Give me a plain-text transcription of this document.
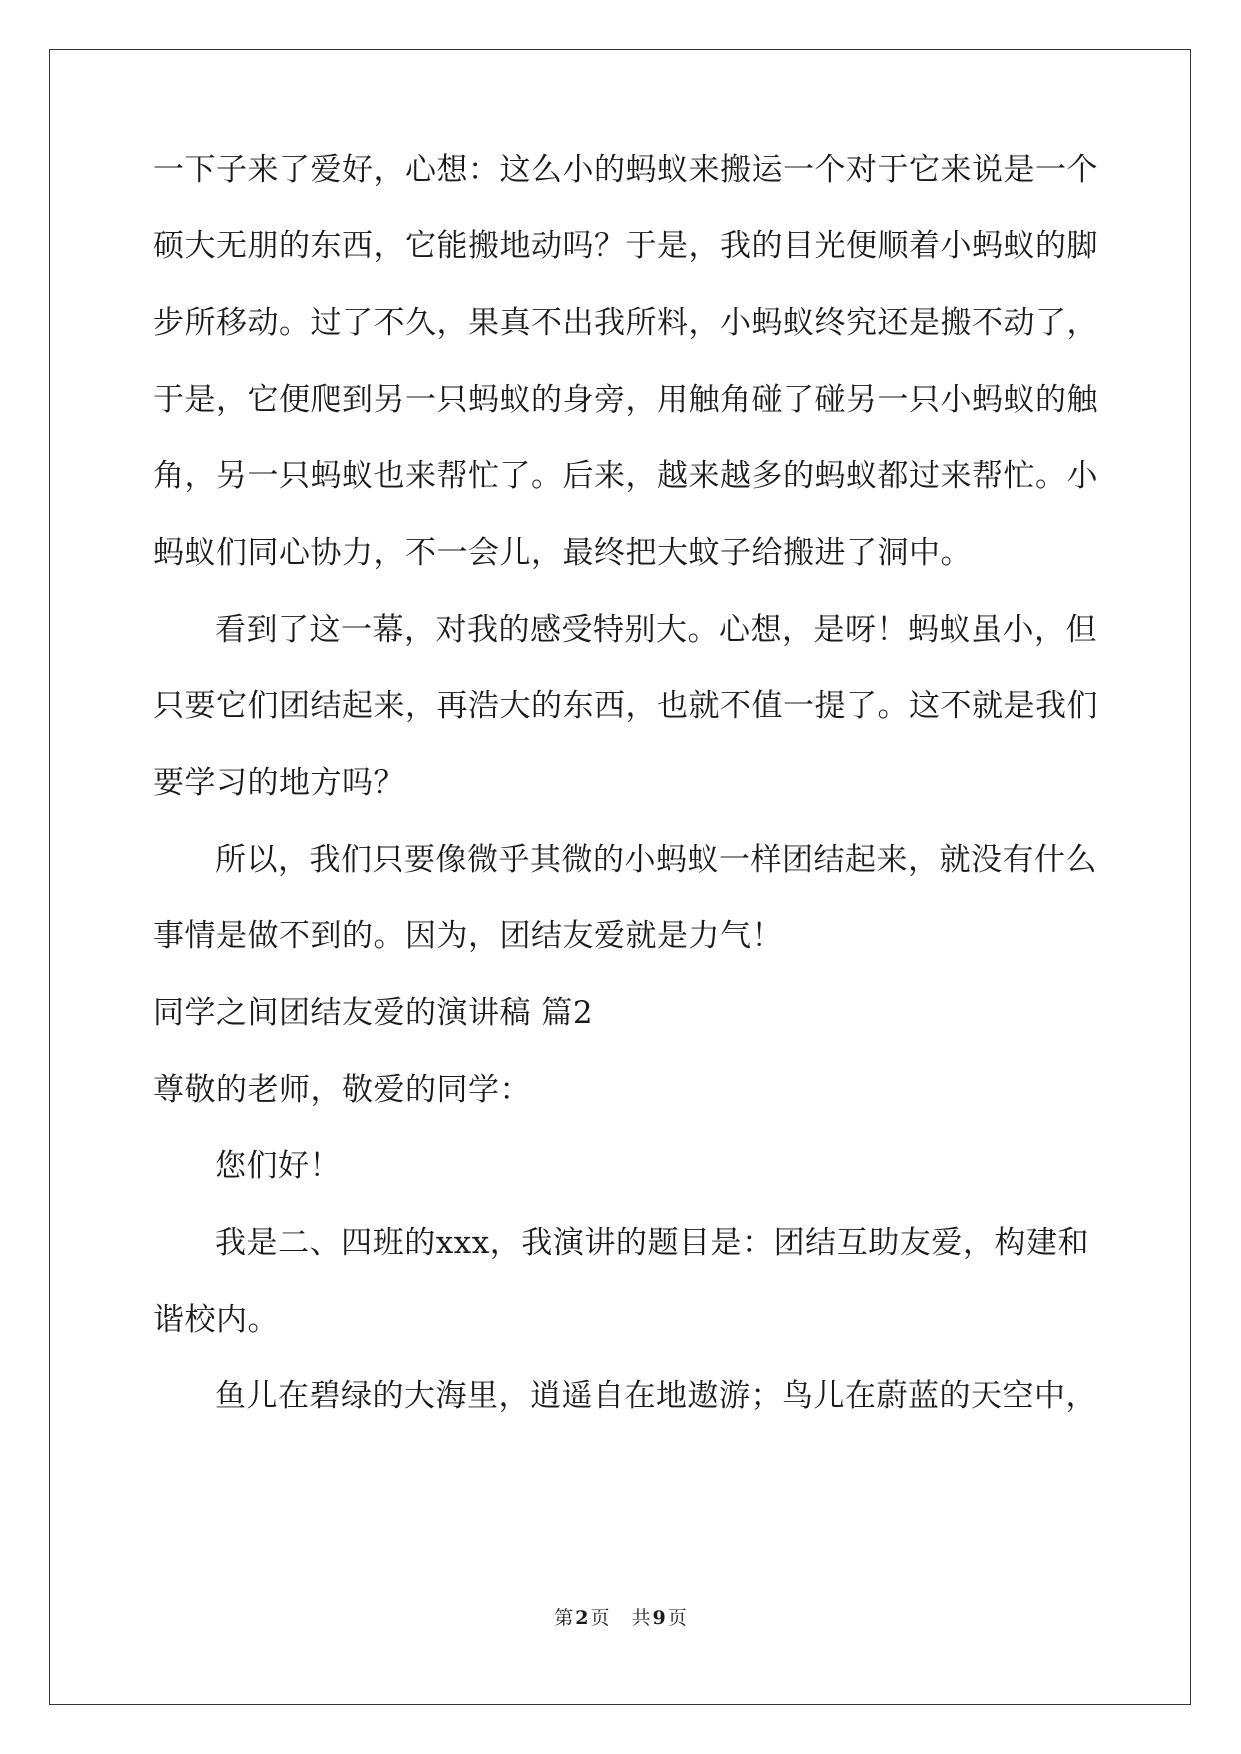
一下子来了爱好，心想：这么小的蚂蚁来搬运一个对于它来说是一个
硕大无朋的东西，它能搬地动吗？于是，我的目光便顺着小蚂蚁的脚
步所移动。过了不久，果真不出我所料，小蚂蚁终究还是搬不动了，
于是，它便爬到另一只蚂蚁的身旁，用触角碰了碰另一只小蚂蚁的触
角，另一只蚂蚁也来帮忙了。后来，越来越多的蚂蚁都过来帮忙。小
蚂蚁们同心协力，不一会儿，最终把大蚊子给搬进了洞中。
看到了这一幕，对我的感受特别大。心想，是呀！蚂蚁虽小，但
只要它们团结起来，再浩大的东西，也就不值一提了。这不就是我们
要学习的地方吗？
所以，我们只要像微乎其微的小蚂蚁一样团结起来，就没有什么
事情是做不到的。因为，团结友爱就是力气！
同学之间团结友爱的演讲稿 篇2
尊敬的老师，敬爱的同学：
您们好！
我是二、四班的xxx，我演讲的题目是：团结互助友爱，构建和
谐校内。
鱼儿在碧绿的大海里，逍遥自在地遨游；鸟儿在蔚蓝的天空中，
第 2 页 共 9 页
